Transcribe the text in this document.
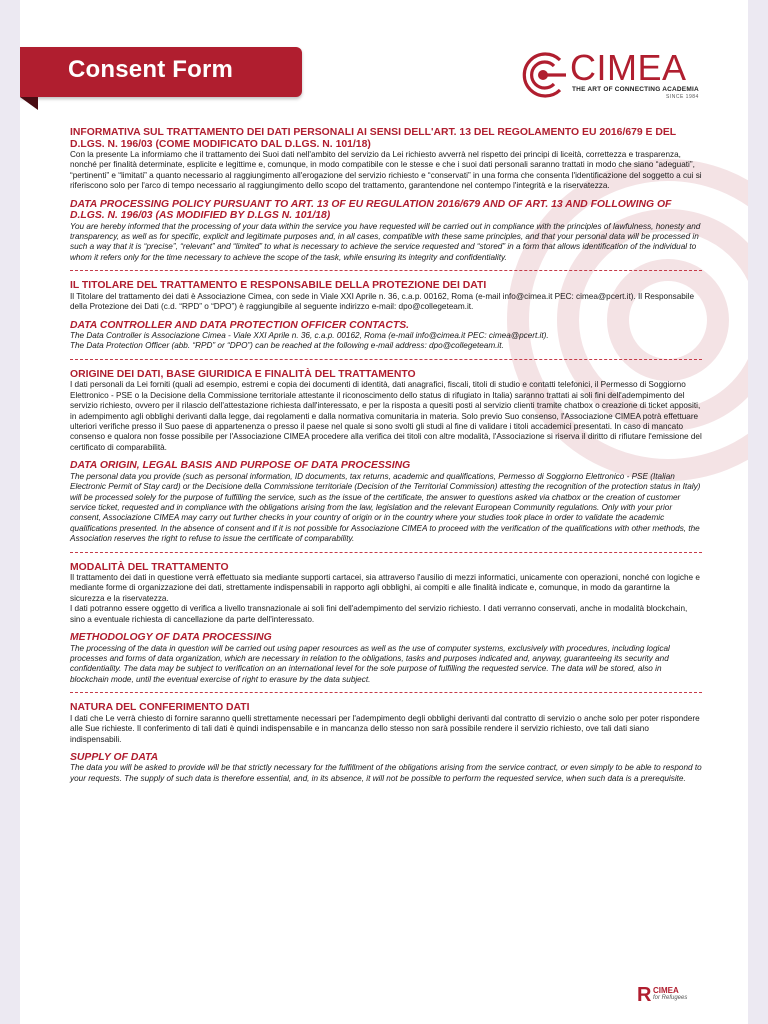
Consent Form	CIMEA
THE ART OF CONNECTING ACADEMIA
SINCE 1984
INFORMATIVA SUL TRATTAMENTO DEI DATI PERSONALI AI SENSI DELL'ART. 13 DEL REGOLAMENTO EU 2016/679 E DEL D.LGS. N. 196/03 (COME MODIFICATO DAL D.LGS. N. 101/18)
Con la presente La informiamo che il trattamento dei Suoi dati nell'ambito del servizio da Lei richiesto avverrà nel rispetto dei principi di liceità, correttezza e trasparenza, nonché per finalità determinate, esplicite e legittime e, comunque, in modo compatibile con le stesse e che i suoi dati personali saranno trattati in modo che siano “adeguati”, “pertinenti” e “limitati” a quanto necessario al raggiungimento all'erogazione del servizio richiesto e “conservati” in una forma che consenta l'identificazione del soggetto a cui si riferiscono solo per l'arco di tempo necessario al raggiungimento dello scopo del trattamento, garantendone nel contempo l'integrità e la riservatezza.
DATA PROCESSING POLICY PURSUANT TO ART. 13 OF EU REGULATION 2016/679 AND OF ART. 13 AND FOLLOWING OF D.LGS. N. 196/03 (AS MODIFIED BY D.LGS N. 101/18)
You are hereby informed that the processing of your data within the service you have requested will be carried out in compliance with the principles of lawfulness, honesty and transparency, as well as for specific, explicit and legitimate purposes and, in all cases, compatible with these same principles, and that your personal data will be processed in such a way that it is “precise”, “relevant” and “limited” to what is necessary to achieve the service requested and “stored” in a form that allows identification of the individual to whom it refers only for the time necessary to achieve the scope of the task, while ensuring its integrity and confidentiality.
IL TITOLARE DEL TRATTAMENTO E RESPONSABILE DELLA PROTEZIONE DEI DATI
Il Titolare del trattamento dei dati è Associazione Cimea, con sede in Viale XXI Aprile n. 36, c.a.p. 00162, Roma (e-mail info@cimea.it PEC: cimea@pcert.it). Il Responsabile della Protezione dei Dati (c.d. “RPD” o “DPO”) è raggiungibile al seguente indirizzo e-mail: dpo@collegeteam.it.
DATA CONTROLLER AND DATA PROTECTION OFFICER CONTACTS.
The Data Controller is Associazione Cimea - Viale XXI Aprile n. 36, c.a.p. 00162, Roma (e-mail info@cimea.it PEC: cimea@pcert.it).
The Data Protection Officer (abb. “RPD” or “DPO”) can be reached at the following e-mail address: dpo@collegeteam.it.
ORIGINE DEI DATI, BASE GIURIDICA E FINALITÀ DEL TRATTAMENTO
I dati personali da Lei forniti (quali ad esempio, estremi e copia dei documenti di identità, dati anagrafici, fiscali, titoli di studio e contatti telefonici, il Permesso di Soggiorno Elettronico - PSE o la Decisione della Commissione territoriale attestante il riconoscimento dello status di rifugiato in Italia) saranno trattati ai soli fini dell'adempimento del servizio richiesto, ovvero per il rilascio dell'attestazione richiesta dall'interessato, e per la risposta a quesiti posti al servizio clienti tramite chatbox o creazione di ticket appositi, in adempimento agli obblighi derivanti dalla legge, dai regolamenti e dalla normativa comunitaria in materia. Solo previo Suo consenso, l'Associazione CIMEA potrà effettuare ulteriori verifiche presso il Suo paese di appartenenza o presso il paese nel quale si sono svolti gli studi al fine di validare i titoli accademici presentati. In caso di mancato consenso e qualora non fosse possibile per l'Associazione CIMEA procedere alla verifica dei titoli con altre modalità, l'Associazione si riserva il diritto di rifiutare l'emissione del certificato di comparabilità.
DATA ORIGIN, LEGAL BASIS AND PURPOSE OF DATA PROCESSING
The personal data you provide (such as personal information, ID documents, tax returns, academic and qualifications, Permesso di Soggiorno Elettronico - PSE (Italian Electronic Permit of Stay card) or the Decisione della Commissione territoriale (Decision of the Territorial Commission) attesting the recognition of the protection status in Italy) will be processed solely for the purpose of fulfilling the service, such as the issue of the certificate, the answer to questions asked via chatbox or the creation of customer service ticket, requested and in compliance with the obligations arising from the law, legislation and the relevant European Community regulations. Only with your prior consent, Associazione CIMEA may carry out further checks in your country of origin or in the country where your studies took place in order to validate the academic qualifications presented. In the absence of consent and if it is not possible for Associazione CIMEA to proceed with the verification of the qualifications with other methods, the Association reserves the right to refuse to issue the certificate of comparability.
MODALITÀ DEL TRATTAMENTO
Il trattamento dei dati in questione verrà effettuato sia mediante supporti cartacei, sia attraverso l'ausilio di mezzi informatici, unicamente con operazioni, nonché con logiche e mediante forme di organizzazione dei dati, strettamente indispensabili in rapporto agli obblighi, ai compiti e alle finalità indicate e, comunque, in modo da garantirne la sicurezza e la riservatezza.
I dati potranno essere oggetto di verifica a livello transnazionale ai soli fini dell'adempimento del servizio richiesto. I dati verranno conservati, anche in modalità blockchain, sino a eventuale richiesta di cancellazione da parte dell'interessato.
METHODOLOGY OF DATA PROCESSING
The processing of the data in question will be carried out using paper resources as well as the use of computer systems, exclusively with procedures, including logical processes and forms of data organization, which are necessary in relation to the obligations, tasks and purposes indicated and, anyway, guaranteeing its security and confidentiality. The data may be subject to verification on an international level for the sole purpose of fulfilling the requested service. The data will be stored, also in blockchain mode, until the eventual exercise of right to erasure by the data subject.
NATURA DEL CONFERIMENTO DATI
I dati che Le verrà chiesto di fornire saranno quelli strettamente necessari per l'adempimento degli obblighi derivanti dal contratto di servizio o anche solo per poter rispondere alle Sue richieste. Il conferimento di tali dati è quindi indispensabile e in mancanza dello stesso non sarà possibile rendere il servizio richiesto, ove tali dati siano indispensabili.
SUPPLY OF DATA
The data you will be asked to provide will be that strictly necessary for the fulfillment of the obligations arising from the service contract, or even simply to be able to respond to your requests. The supply of such data is therefore essential, and, in its absence, it will not be possible to perform the requested service, when such data is a prerequisite.
R CIMEA
for Refugees
